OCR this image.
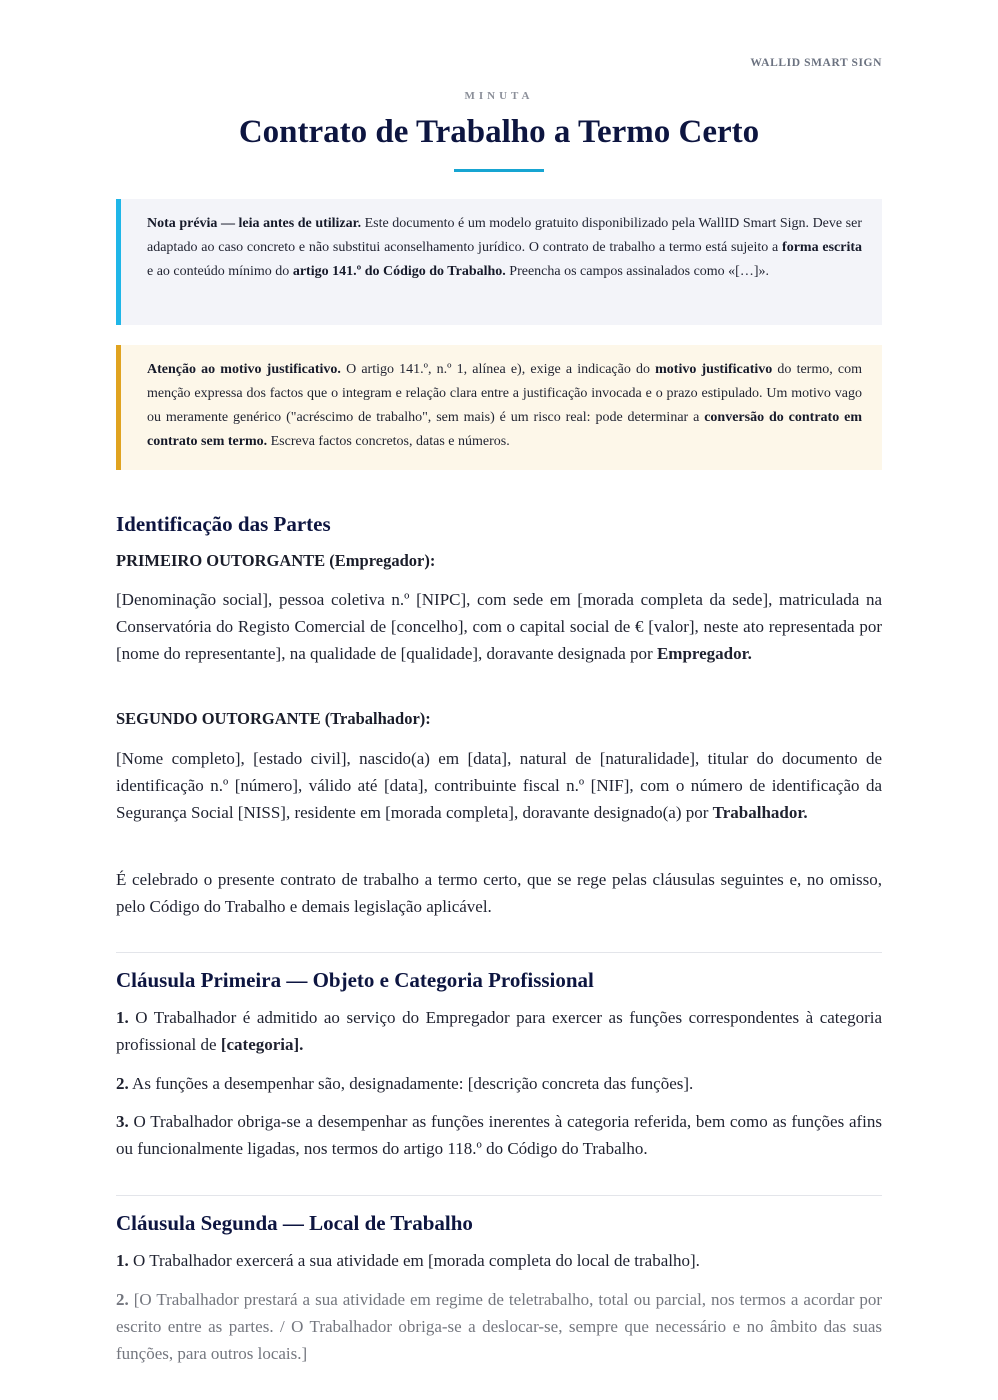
WALLID SMART SIGN
MINUTA
Contrato de Trabalho a Termo Certo
Nota prévia — leia antes de utilizar. Este documento é um modelo gratuito disponibilizado pela WallID Smart Sign. Deve ser adaptado ao caso concreto e não substitui aconselhamento jurídico. O contrato de trabalho a termo está sujeito a forma escrita e ao conteúdo mínimo do artigo 141.º do Código do Trabalho. Preencha os campos assinalados como «[…]».
Atenção ao motivo justificativo. O artigo 141.º, n.º 1, alínea e), exige a indicação do motivo justificativo do termo, com menção expressa dos factos que o integram e relação clara entre a justificação invocada e o prazo estipulado. Um motivo vago ou meramente genérico ("acréscimo de trabalho", sem mais) é um risco real: pode determinar a conversão do contrato em contrato sem termo. Escreva factos concretos, datas e números.
Identificação das Partes

PRIMEIRO OUTORGANTE (Empregador):

[Denominação social], pessoa coletiva n.º [NIPC], com sede em [morada completa da sede], matriculada na Conservatória do Registo Comercial de [concelho], com o capital social de € [valor], neste ato representada por [nome do representante], na qualidade de [qualidade], doravante designada por Empregador.

SEGUNDO OUTORGANTE (Trabalhador):

[Nome completo], [estado civil], nascido(a) em [data], natural de [naturalidade], titular do documento de identificação n.º [número], válido até [data], contribuinte fiscal n.º [NIF], com o número de identificação da Segurança Social [NISS], residente em [morada completa], doravante designado(a) por Trabalhador.

É celebrado o presente contrato de trabalho a termo certo, que se rege pelas cláusulas seguintes e, no omisso, pelo Código do Trabalho e demais legislação aplicável.

Cláusula Primeira — Objeto e Categoria Profissional

1. O Trabalhador é admitido ao serviço do Empregador para exercer as funções correspondentes à categoria profissional de [categoria].

2. As funções a desempenhar são, designadamente: [descrição concreta das funções].

3. O Trabalhador obriga-se a desempenhar as funções inerentes à categoria referida, bem como as funções afins ou funcionalmente ligadas, nos termos do artigo 118.º do Código do Trabalho.

Cláusula Segunda — Local de Trabalho

1. O Trabalhador exercerá a sua atividade em [morada completa do local de trabalho].

2. [O Trabalhador prestará a sua atividade em regime de teletrabalho, total ou parcial, nos termos a acordar por escrito entre as partes. / O Trabalhador obriga-se a deslocar-se, sempre que necessário e no âmbito das suas funções, para outros locais.]
